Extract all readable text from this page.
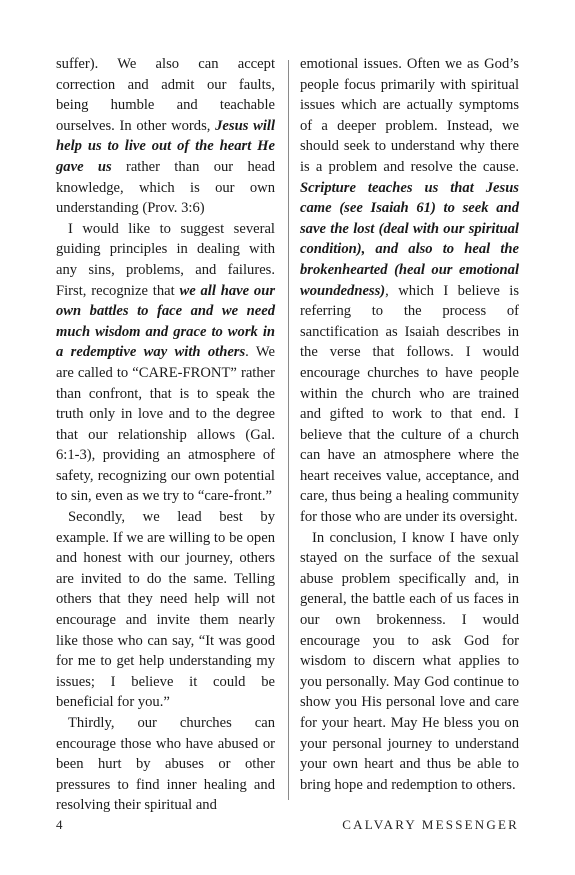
suffer). We also can accept correction and admit our faults, being humble and teachable ourselves. In other words, Jesus will help us to live out of the heart He gave us rather than our head knowledge, which is our own understanding (Prov. 3:6)

I would like to suggest several guiding principles in dealing with any sins, problems, and failures. First, recognize that we all have our own battles to face and we need much wisdom and grace to work in a redemptive way with others. We are called to “CARE-FRONT” rather than confront, that is to speak the truth only in love and to the degree that our relationship allows (Gal. 6:1-3), providing an atmosphere of safety, recognizing our own potential to sin, even as we try to “care-front.”

Secondly, we lead best by example. If we are willing to be open and honest with our journey, others are invited to do the same. Telling others that they need help will not encourage and invite them nearly like those who can say, “It was good for me to get help understanding my issues; I believe it could be beneficial for you.”

Thirdly, our churches can encourage those who have abused or been hurt by abuses or other pressures to find inner healing and resolving their spiritual and

emotional issues. Often we as God’s people focus primarily with spiritual issues which are actually symptoms of a deeper problem. Instead, we should seek to understand why there is a problem and resolve the cause. Scripture teaches us that Jesus came (see Isaiah 61) to seek and save the lost (deal with our spiritual condition), and also to heal the brokenhearted (heal our emotional woundedness), which I believe is referring to the process of sanctification as Isaiah describes in the verse that follows. I would encourage churches to have people within the church who are trained and gifted to work to that end. I believe that the culture of a church can have an atmosphere where the heart receives value, acceptance, and care, thus being a healing community for those who are under its oversight.

In conclusion, I know I have only stayed on the surface of the sexual abuse problem specifically and, in general, the battle each of us faces in our own brokenness. I would encourage you to ask God for wisdom to discern what applies to you personally. May God continue to show you His personal love and care for your heart. May He bless you on your personal journey to understand your own heart and thus be able to bring hope and redemption to others.

4	CALVARY MESSENGER
